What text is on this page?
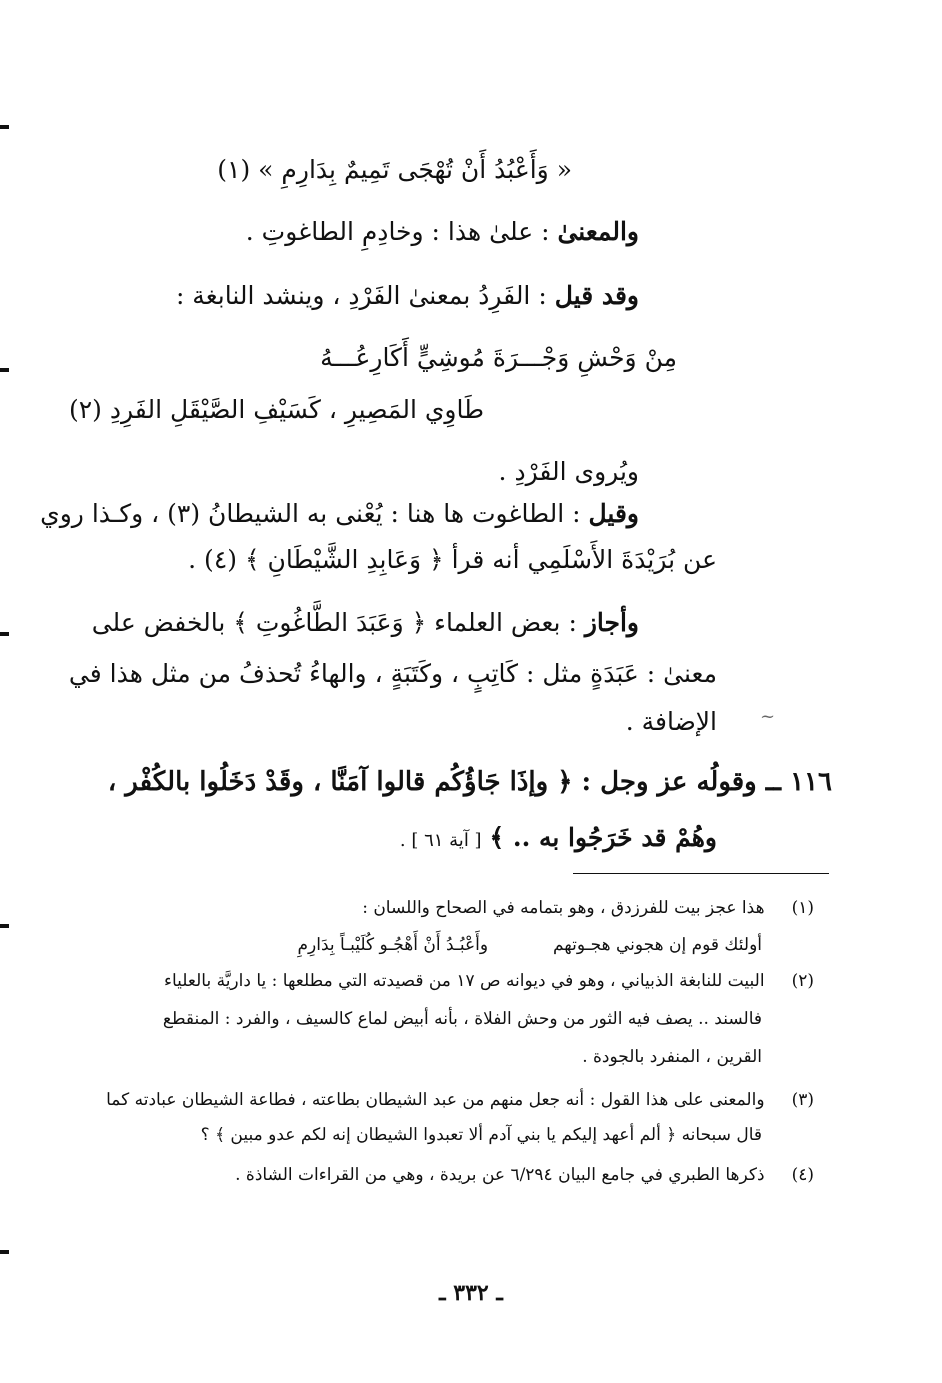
« وَأَعْبُدُ أَنْ تُهْجَى تَمِيمٌ بِدَارِمِ » (١)
والمعنىٰ : علىٰ هذا : وخادِمِ الطاغوتِ .
وقد قيل : الفَرِدُ بمعنىٰ الفَرْدِ ، وينشد النابغة :
مِنْ وَحْشِ وَجْـــرَةَ مُوشِيٍّ أَكَارِعُـــهُ
طَاوِي المَصِيرِ ، كَسَيْفِ الصَّيْقَلِ الفَرِدِ (٢)
ويُروى الفَرْدِ .
وقيل : الطاغوت ها هنا : يُعْنى به الشيطانُ (٣) ، وكـذا روي
عن بُرَيْدَةَ الأَسْلَمِي أنه قرأ ﴿ وَعَابِدِ الشَّيْطَانِ ﴾ (٤) .
وأجاز : بعض العلماء ﴿ وَعَبَدَ الطَّاغُوتِ ﴾ بالخفض على
معنىٰ : عَبَدَةٍ مثل : كَاتِبٍ ، وكَتَبَةٍ ، والهاءُ تُحذفُ من مثل هذا في
الإضافة . ~
١١٦ ــ وقولُه عز وجل : ﴿ وإذَا جَاؤُكُم قالوا آمَنَّا ، وقَدْ دَخَلُوا بالكُفْر ،
وهُمْ قد خَرَجُوا به .. ﴾ [ آية ٦١ ] .
(١)     هذا عجز بيت للفرزدق ، وهو بتمامه في الصحاح واللسان :
أولئك قوم إن هجوني هجـوتهم            وأَعْبُـدُ أَنْ أَهْجُـو كُلَيْبـاً بِدَارِمِ
(٢)     البيت للنابغة الذبياني ، وهو في ديوانه ص ١٧ من قصيدته التي مطلعها : يا داريَّة بالعلياء
فالسند .. يصف فيه الثور من وحش الفلاة ، بأنه أبيض لماع كالسيف ، والفرد : المنقطع
القرين ، المنفرد بالجودة .
(٣)     والمعنى على هذا القول : أنه جعل منهم من عبد الشيطان بطاعته ، فطاعة الشيطان عبادته كما
قال سبحانه ﴿ ألم أعهد إليكم يا بني آدم ألا تعبدوا الشيطان إنه لكم عدو مبين ﴾ ؟
(٤)     ذكرها الطبري في جامع البيان ٦/٢٩٤ عن بريدة ، وهي من القراءات الشاذة .
ـ ٣٣٢ ـ
